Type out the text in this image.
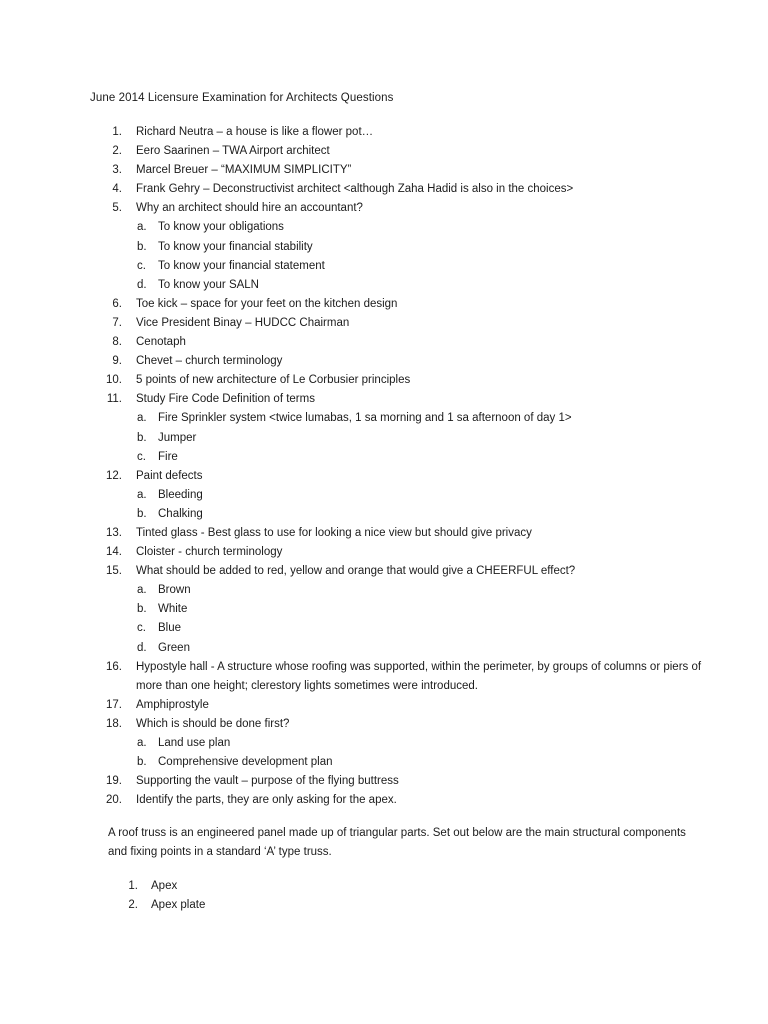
June 2014 Licensure Examination for Architects Questions
1. Richard Neutra – a house is like a flower pot…
2. Eero Saarinen – TWA Airport architect
3. Marcel Breuer – “MAXIMUM SIMPLICITY”
4. Frank Gehry – Deconstructivist architect <although Zaha Hadid is also in the choices>
5. Why an architect should hire an accountant?
a. To know your obligations
b. To know your financial stability
c. To know your financial statement
d. To know your SALN
6. Toe kick – space for your feet on the kitchen design
7. Vice President Binay – HUDCC Chairman
8. Cenotaph
9. Chevet – church terminology
10. 5 points of new architecture of Le Corbusier principles
11. Study Fire Code Definition of terms
a. Fire Sprinkler system <twice lumabas, 1 sa morning and 1 sa afternoon of day 1>
b. Jumper
c. Fire
12. Paint defects
a. Bleeding
b. Chalking
13. Tinted glass - Best glass to use for looking a nice view but should give privacy
14. Cloister - church terminology
15. What should be added to red, yellow and orange that would give a CHEERFUL effect?
a. Brown
b. White
c. Blue
d. Green
16. Hypostyle hall - A structure whose roofing was supported, within the perimeter, by groups of columns or piers of more than one height; clerestory lights sometimes were introduced.
17. Amphiprostyle
18. Which is should be done first?
a. Land use plan
b. Comprehensive development plan
19. Supporting the vault – purpose of the flying buttress
20. Identify the parts, they are only asking for the apex.

A roof truss is an engineered panel made up of triangular parts. Set out below are the main structural components and fixing points in a standard ‘A’ type truss.

1. Apex
2. Apex plate
